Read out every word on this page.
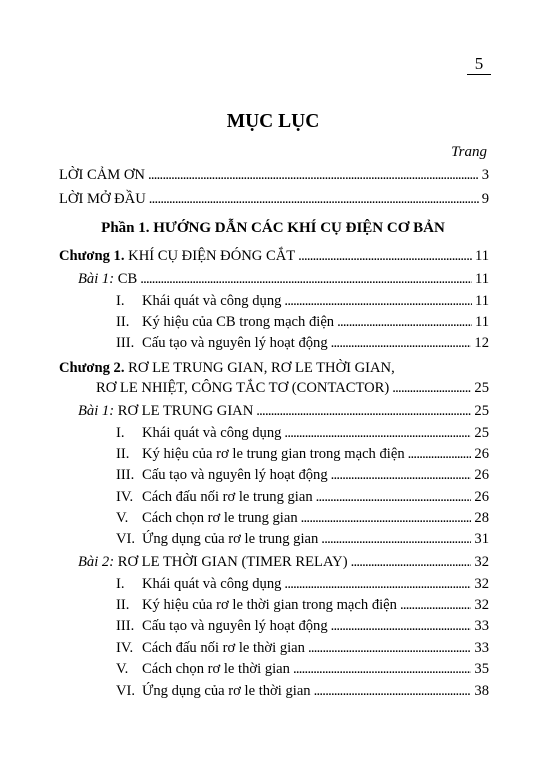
5
MỤC LỤC
Trang
LỜI CẢM ƠN . . .	3
LỜI MỞ ĐẦU . . .	9
Phần 1. HƯỚNG DẪN CÁC KHÍ CỤ ĐIỆN CƠ BẢN
Chương 1. KHÍ CỤ ĐIỆN ĐÓNG CẮT . . .	11
Bài 1: CB . . .	11
I. Khái quát và công dụng . . .	11
II. Ký hiệu của CB trong mạch điện . . .	11
III. Cấu tạo và nguyên lý hoạt động . . .	12
Chương 2. RƠ LE TRUNG GIAN, RƠ LE THỜI GIAN,
RƠ LE NHIỆT, CÔNG TẮC TƠ (CONTACTOR) . . .	25
Bài 1: RƠ LE TRUNG GIAN . . .	25
I. Khái quát và công dụng . . .	25
II. Ký hiệu của rơ le trung gian trong mạch điện . . .	26
III. Cấu tạo và nguyên lý hoạt động . . .	26
IV. Cách đấu nối rơ le trung gian . . .	26
V. Cách chọn rơ le trung gian . . .	28
VI. Ứng dụng của rơ le trung gian . . .	31
Bài 2: RƠ LE THỜI GIAN (TIMER RELAY) . . .	32
I. Khái quát và công dụng . . .	32
II. Ký hiệu của rơ le thời gian trong mạch điện . . .	32
III. Cấu tạo và nguyên lý hoạt động . . .	33
IV. Cách đấu nối rơ le thời gian . . .	33
V. Cách chọn rơ le thời gian . . .	35
VI. Ứng dụng của rơ le thời gian . . .	38
